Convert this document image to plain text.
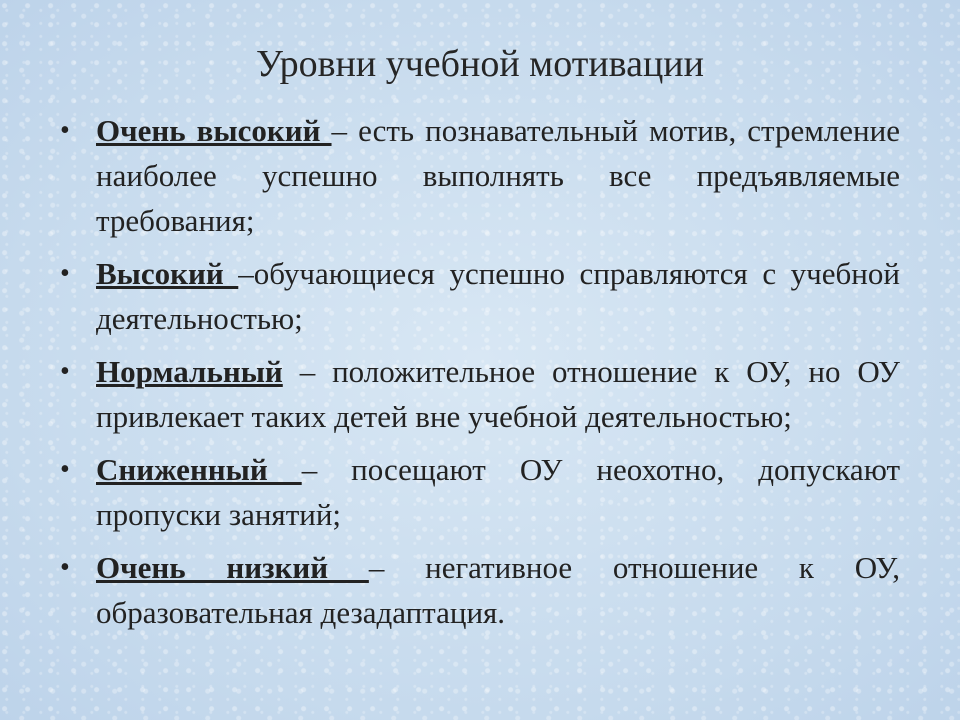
Уровни учебной мотивации
• Очень высокий – есть познавательный мотив, стремление наиболее успешно выполнять все предъявляемые требования;
• Высокий –обучающиеся успешно справляются с учебной деятельностью;
• Нормальный – положительное отношение к ОУ, но ОУ привлекает таких детей вне учебной деятельностью;
• Сниженный – посещают ОУ неохотно, допускают пропуски занятий;
• Очень низкий – негативное отношение к ОУ, образовательная дезадаптация.
